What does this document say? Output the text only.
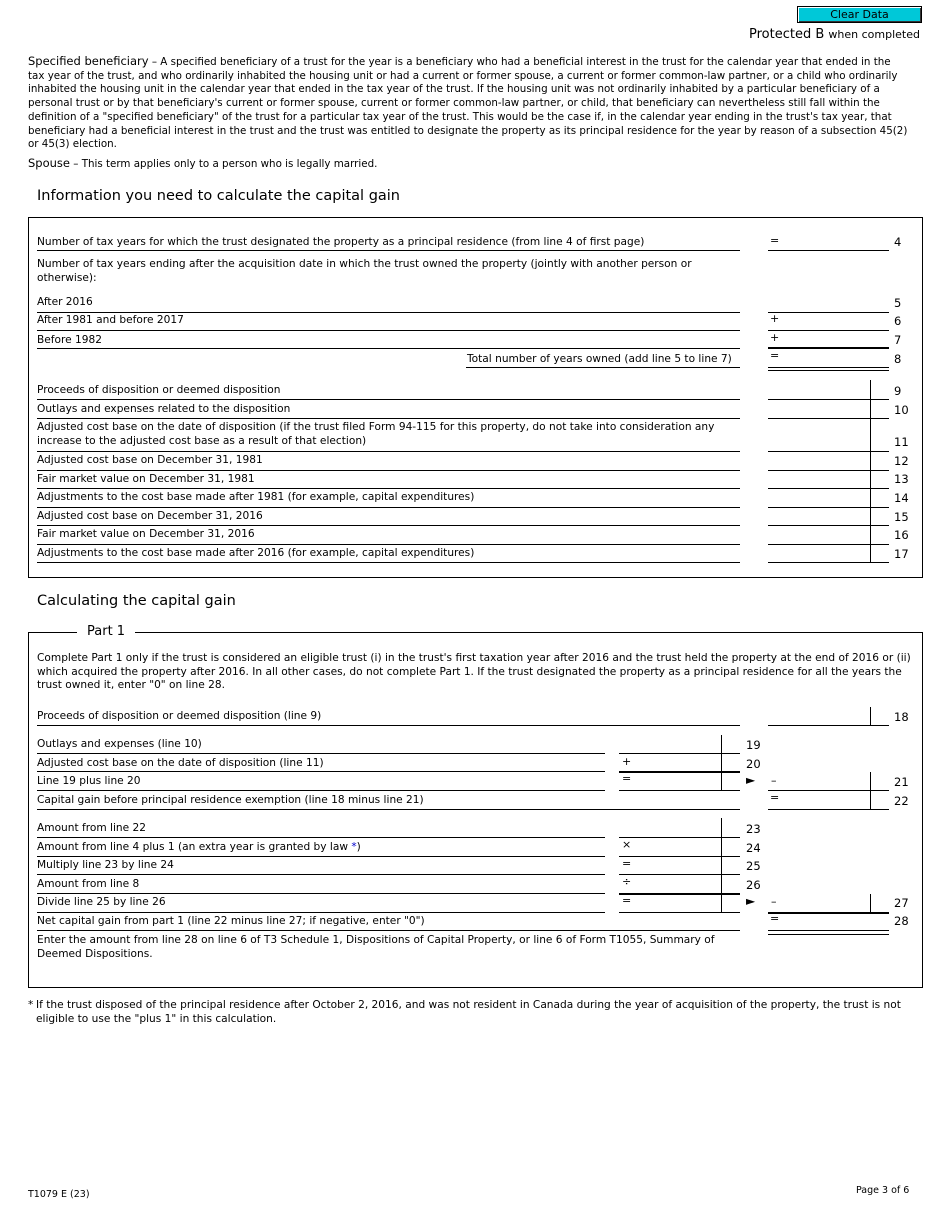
Clear Data
Protected B when completed
Specified beneficiary – A specified beneficiary of a trust for the year is a beneficiary who had a beneficial interest in the trust for the calendar year that ended in the tax year of the trust, and who ordinarily inhabited the housing unit or had a current or former spouse, a current or former common-law partner, or a child who ordinarily inhabited the housing unit in the calendar year that ended in the tax year of the trust. If the housing unit was not ordinarily inhabited by a particular beneficiary of a personal trust or by that beneficiary's current or former spouse, current or former common-law partner, or child, that beneficiary can nevertheless still fall within the definition of a "specified beneficiary" of the trust for a particular tax year of the trust. This would be the case if, in the calendar year ending in the trust's tax year, that beneficiary had a beneficial interest in the trust and the trust was entitled to designate the property as its principal residence for the year by reason of a subsection 45(2) or 45(3) election.
Spouse – This term applies only to a person who is legally married.
Information you need to calculate the capital gain
Number of tax years for which the trust designated the property as a principal residence (from line 4 of first page)	=	4
Number of tax years ending after the acquisition date in which the trust owned the property (jointly with another person or otherwise):
After 2016	5
After 1981 and before 2017	+	6
Before 1982	+	7
Total number of years owned (add line 5 to line 7)	=	8
Proceeds of disposition or deemed disposition	9
Outlays and expenses related to the disposition	10
Adjusted cost base on the date of disposition (if the trust filed Form 94-115 for this property, do not take into consideration any increase to the adjusted cost base as a result of that election)	11
Adjusted cost base on December 31, 1981	12
Fair market value on December 31, 1981	13
Adjustments to the cost base made after 1981 (for example, capital expenditures)	14
Adjusted cost base on December 31, 2016	15
Fair market value on December 31, 2016	16
Adjustments to the cost base made after 2016 (for example, capital expenditures)	17
Calculating the capital gain
Part 1
Complete Part 1 only if the trust is considered an eligible trust (i) in the trust's first taxation year after 2016 and the trust held the property at the end of 2016 or (ii) which acquired the property after 2016. In all other cases, do not complete Part 1. If the trust designated the property as a principal residence for all the years the trust owned it, enter "0" on line 28.
Proceeds of disposition or deemed disposition (line 9)	18
Outlays and expenses (line 10)	19
Adjusted cost base on the date of disposition (line 11)	+	20
Line 19 plus line 20	=	► –	21
Capital gain before principal residence exemption (line 18 minus line 21)	=	22
Amount from line 22	23
Amount from line 4 plus 1 (an extra year is granted by law *)	×	24
Multiply line 23 by line 24	=	25
Amount from line 8	÷	26
Divide line 25 by line 26	=	► –	27
Net capital gain from part 1 (line 22 minus line 27; if negative, enter "0")	=	28
Enter the amount from line 28 on line 6 of T3 Schedule 1, Dispositions of Capital Property, or line 6 of Form T1055, Summary of Deemed Dispositions.
* If the trust disposed of the principal residence after October 2, 2016, and was not resident in Canada during the year of acquisition of the property, the trust is not eligible to use the "plus 1" in this calculation.
T1079 E (23)	Page 3 of 6
